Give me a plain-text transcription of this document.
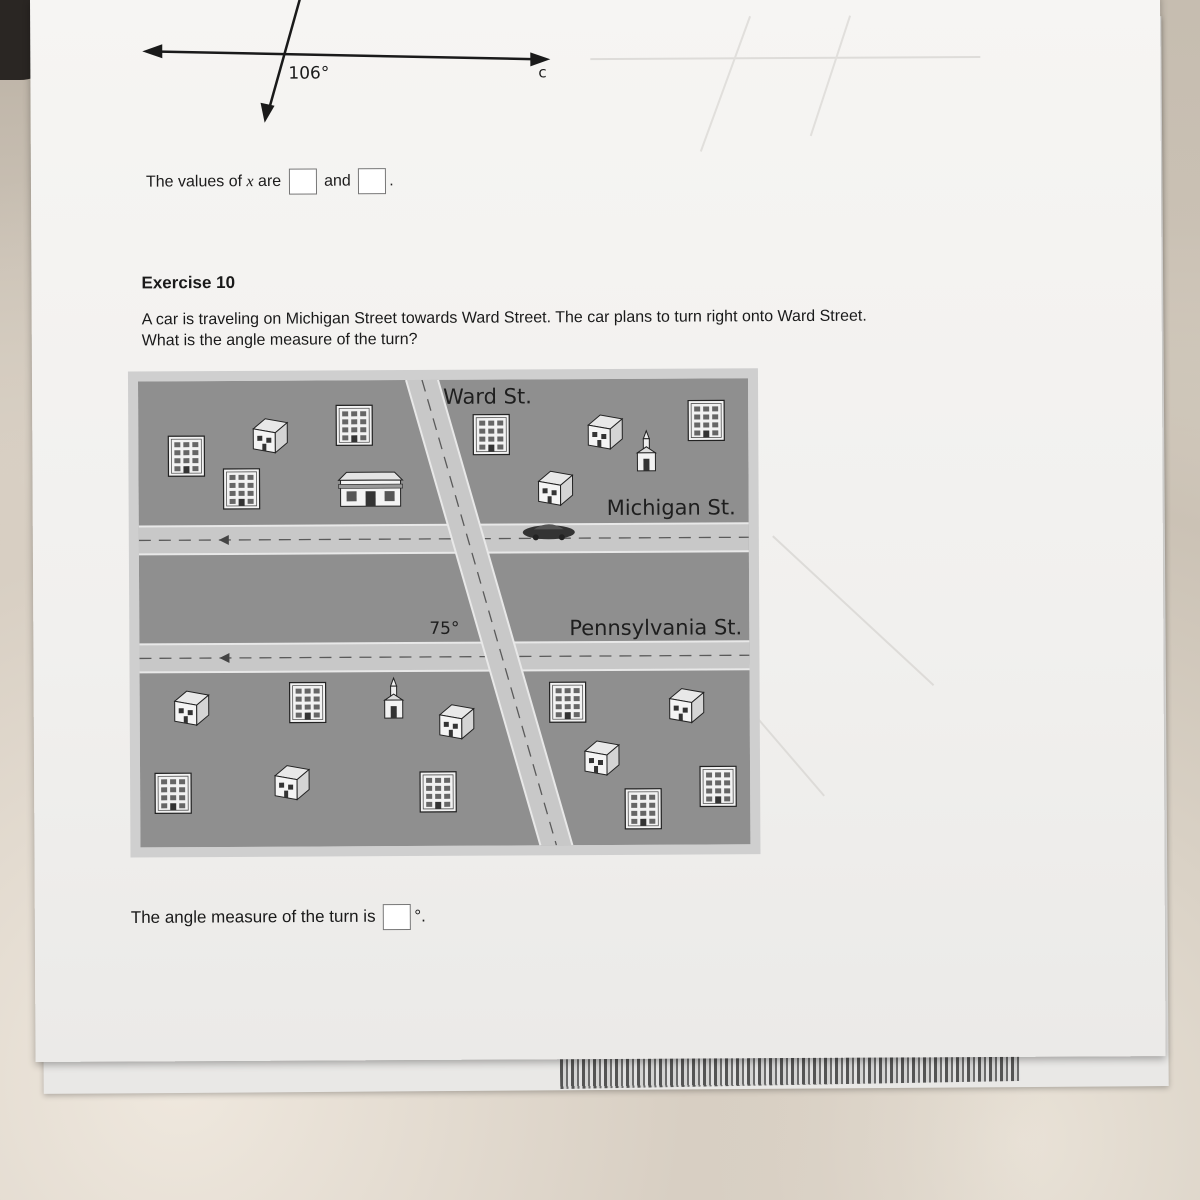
106°	c
The values of x are	and .
Exercise 10
A car is traveling on Michigan Street towards Ward Street. The car plans to turn right onto Ward Street.
What is the angle measure of the turn?
Ward St.
Michigan St.
Pennsylvania St.
75°
The angle measure of the turn is °.
